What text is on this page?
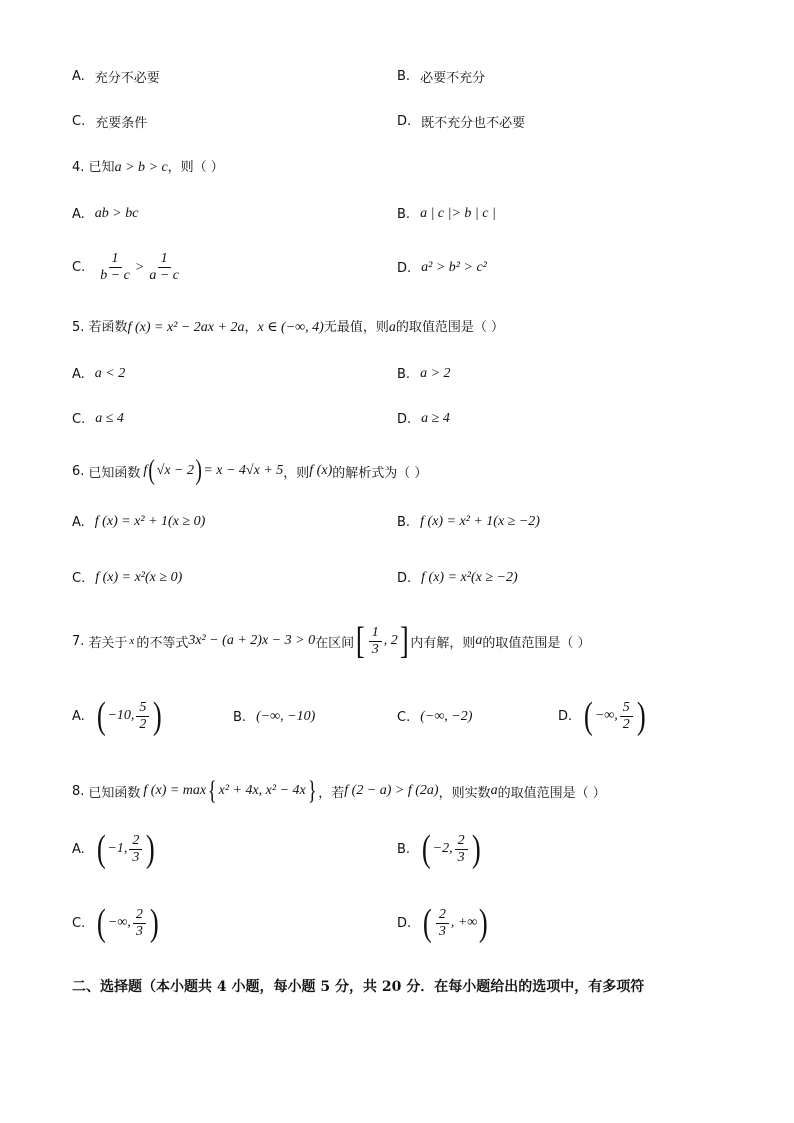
A. 充分不必要	B. 必要不充分
C. 充要条件	D. 既不充分也不必要
4. 已知a > b > c，则（ ）
A. ab > bc	B. a | c |> b | c |
C. $\frac{1}{b - c} > \frac{1}{a - c}$	D. a² > b² > c²
5. 若函数f (x) = x² − 2ax + 2a，x ∈ (−∞, 4)无最值，则a的取值范围是（ ）
A. a < 2	B. a > 2
C. a ≤ 4	D. a ≥ 4
6. 已知函数 f ( √x − 2 ) = x − 4√x + 5 ，则 f (x) 的解析式为（ ）
A. f (x) = x² + 1(x ≥ 0)	B. f (x) = x² + 1(x ≥ −2)
C. f (x) = x²(x ≥ 0)	D. f (x) = x²(x ≥ −2)
7. 若关于 x 的不等式 3x² − (a + 2)x − 3 > 0 在区间 [ $\frac{1}{3}$ , 2 ] 内有解，则 a 的取值范围是（ ）
A. ( −10, $\frac{5}{2}$ )	B. (−∞, −10)	C. (−∞, −2)	D. ( −∞, $\frac{5}{2}$ )
8. 已知函数 f (x) = max { x² + 4x, x² − 4x } ，若 f (2 − a) > f (2a) ，则实数 a 的取值范围是（ ）
A. ( −1, $\frac{2}{3}$ )	B. ( −2, $\frac{2}{3}$ )
C. ( −∞, $\frac{2}{3}$ )	D. ( $\frac{2}{3}$ , +∞ )
二、选择题（本小题共 4 小题，每小题 5 分，共 20 分．在每小题给出的选项中，有多项符
